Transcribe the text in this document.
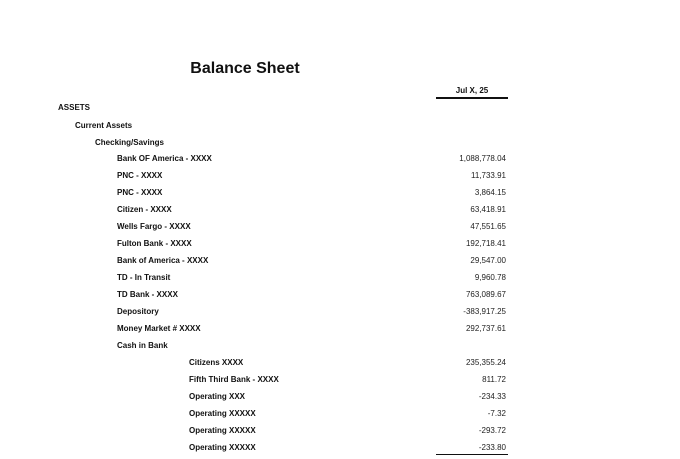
Balance Sheet
Jul X, 25
ASSETS
Current Assets
Checking/Savings
Bank OF America - XXXX	1,088,778.04
PNC - XXXX	11,733.91
PNC - XXXX	3,864.15
Citizen - XXXX	63,418.91
Wells Fargo - XXXX	47,551.65
Fulton Bank - XXXX	192,718.41
Bank of America - XXXX	29,547.00
TD - In Transit	9,960.78
TD Bank - XXXX	763,089.67
Depository	-383,917.25
Money Market # XXXX	292,737.61
Cash in Bank
Citizens XXXX	235,355.24
Fifth Third Bank - XXXX	811.72
Operating XXX	-234.33
Operating XXXXX	-7.32
Operating XXXXX	-293.72
Operating XXXXX	-233.80
